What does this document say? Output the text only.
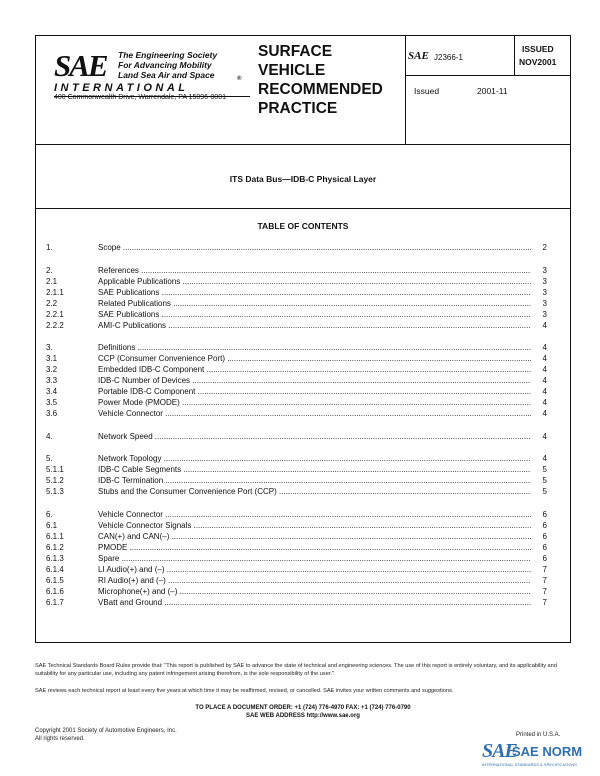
SAE The Engineering Society
For Advancing Mobility
Land Sea Air and Space	®
INTERNATIONAL
400 Commonwealth Drive, Warrendale, PA 15096-0001
SURFACE
VEHICLE
RECOMMENDED
PRACTICE
SAE J2366-1
ISSUED
NOV2001
Issued	2001-11
ITS Data Bus—IDB-C Physical Layer
TABLE OF CONTENTS
1.	Scope .....	2
2.	References .....	3
2.1	Applicable Publications .....	3
2.1.1	SAE Publications .....	3
2.2	Related Publications .....	3
2.2.1	SAE Publications .....	3
2.2.2	AMI-C Publications .....	4
3.	Definitions .....	4
3.1	CCP (Consumer Convenience Port) .....	4
3.2	Embedded IDB-C Component .....	4
3.3	IDB-C Number of Devices .....	4
3.4	Portable IDB-C Component .....	4
3.5	Power Mode (PMODE) .....	4
3.6	Vehicle Connector .....	4
4.	Network Speed .....	4
5.	Network Topology .....	4
5.1.1	IDB-C Cable Segments .....	5
5.1.2	IDB-C Termination .....	5
5.1.3	Stubs and the Consumer Convenience Port (CCP) .....	5
6.	Vehicle Connector .....	6
6.1	Vehicle Connector Signals .....	6
6.1.1	CAN(+) and CAN(–) .....	6
6.1.2	PMODE .....	6
6.1.3	Spare .....	6
6.1.4	LI Audio(+) and (–) .....	7
6.1.5	RI Audio(+) and (–) .....	7
6.1.6	Microphone(+) and (–) .....	7
6.1.7	VBatt and Ground .....	7
SAE Technical Standards Board Rules provide that: "This report is published by SAE to advance the state of technical and engineering sciences. The use of this report is entirely voluntary, and its applicability and suitability for any particular use, including any patent infringement arising therefrom, is the sole responsibility of the user."
SAE reviews each technical report at least every five years at which time it may be reaffirmed, revised, or cancelled. SAE invites your written comments and suggestions.
TO PLACE A DOCUMENT ORDER: +1 (724) 776-4970 FAX: +1 (724) 776-0790
SAE WEB ADDRESS http://www.sae.org
Copyright 2001 Society of Automotive Engineers, Inc.
All rights reserved.
Printed in U.S.A.
SAE
SAE NORM
INTERNATIONAL STANDARDS & SPECIFICATIONS
